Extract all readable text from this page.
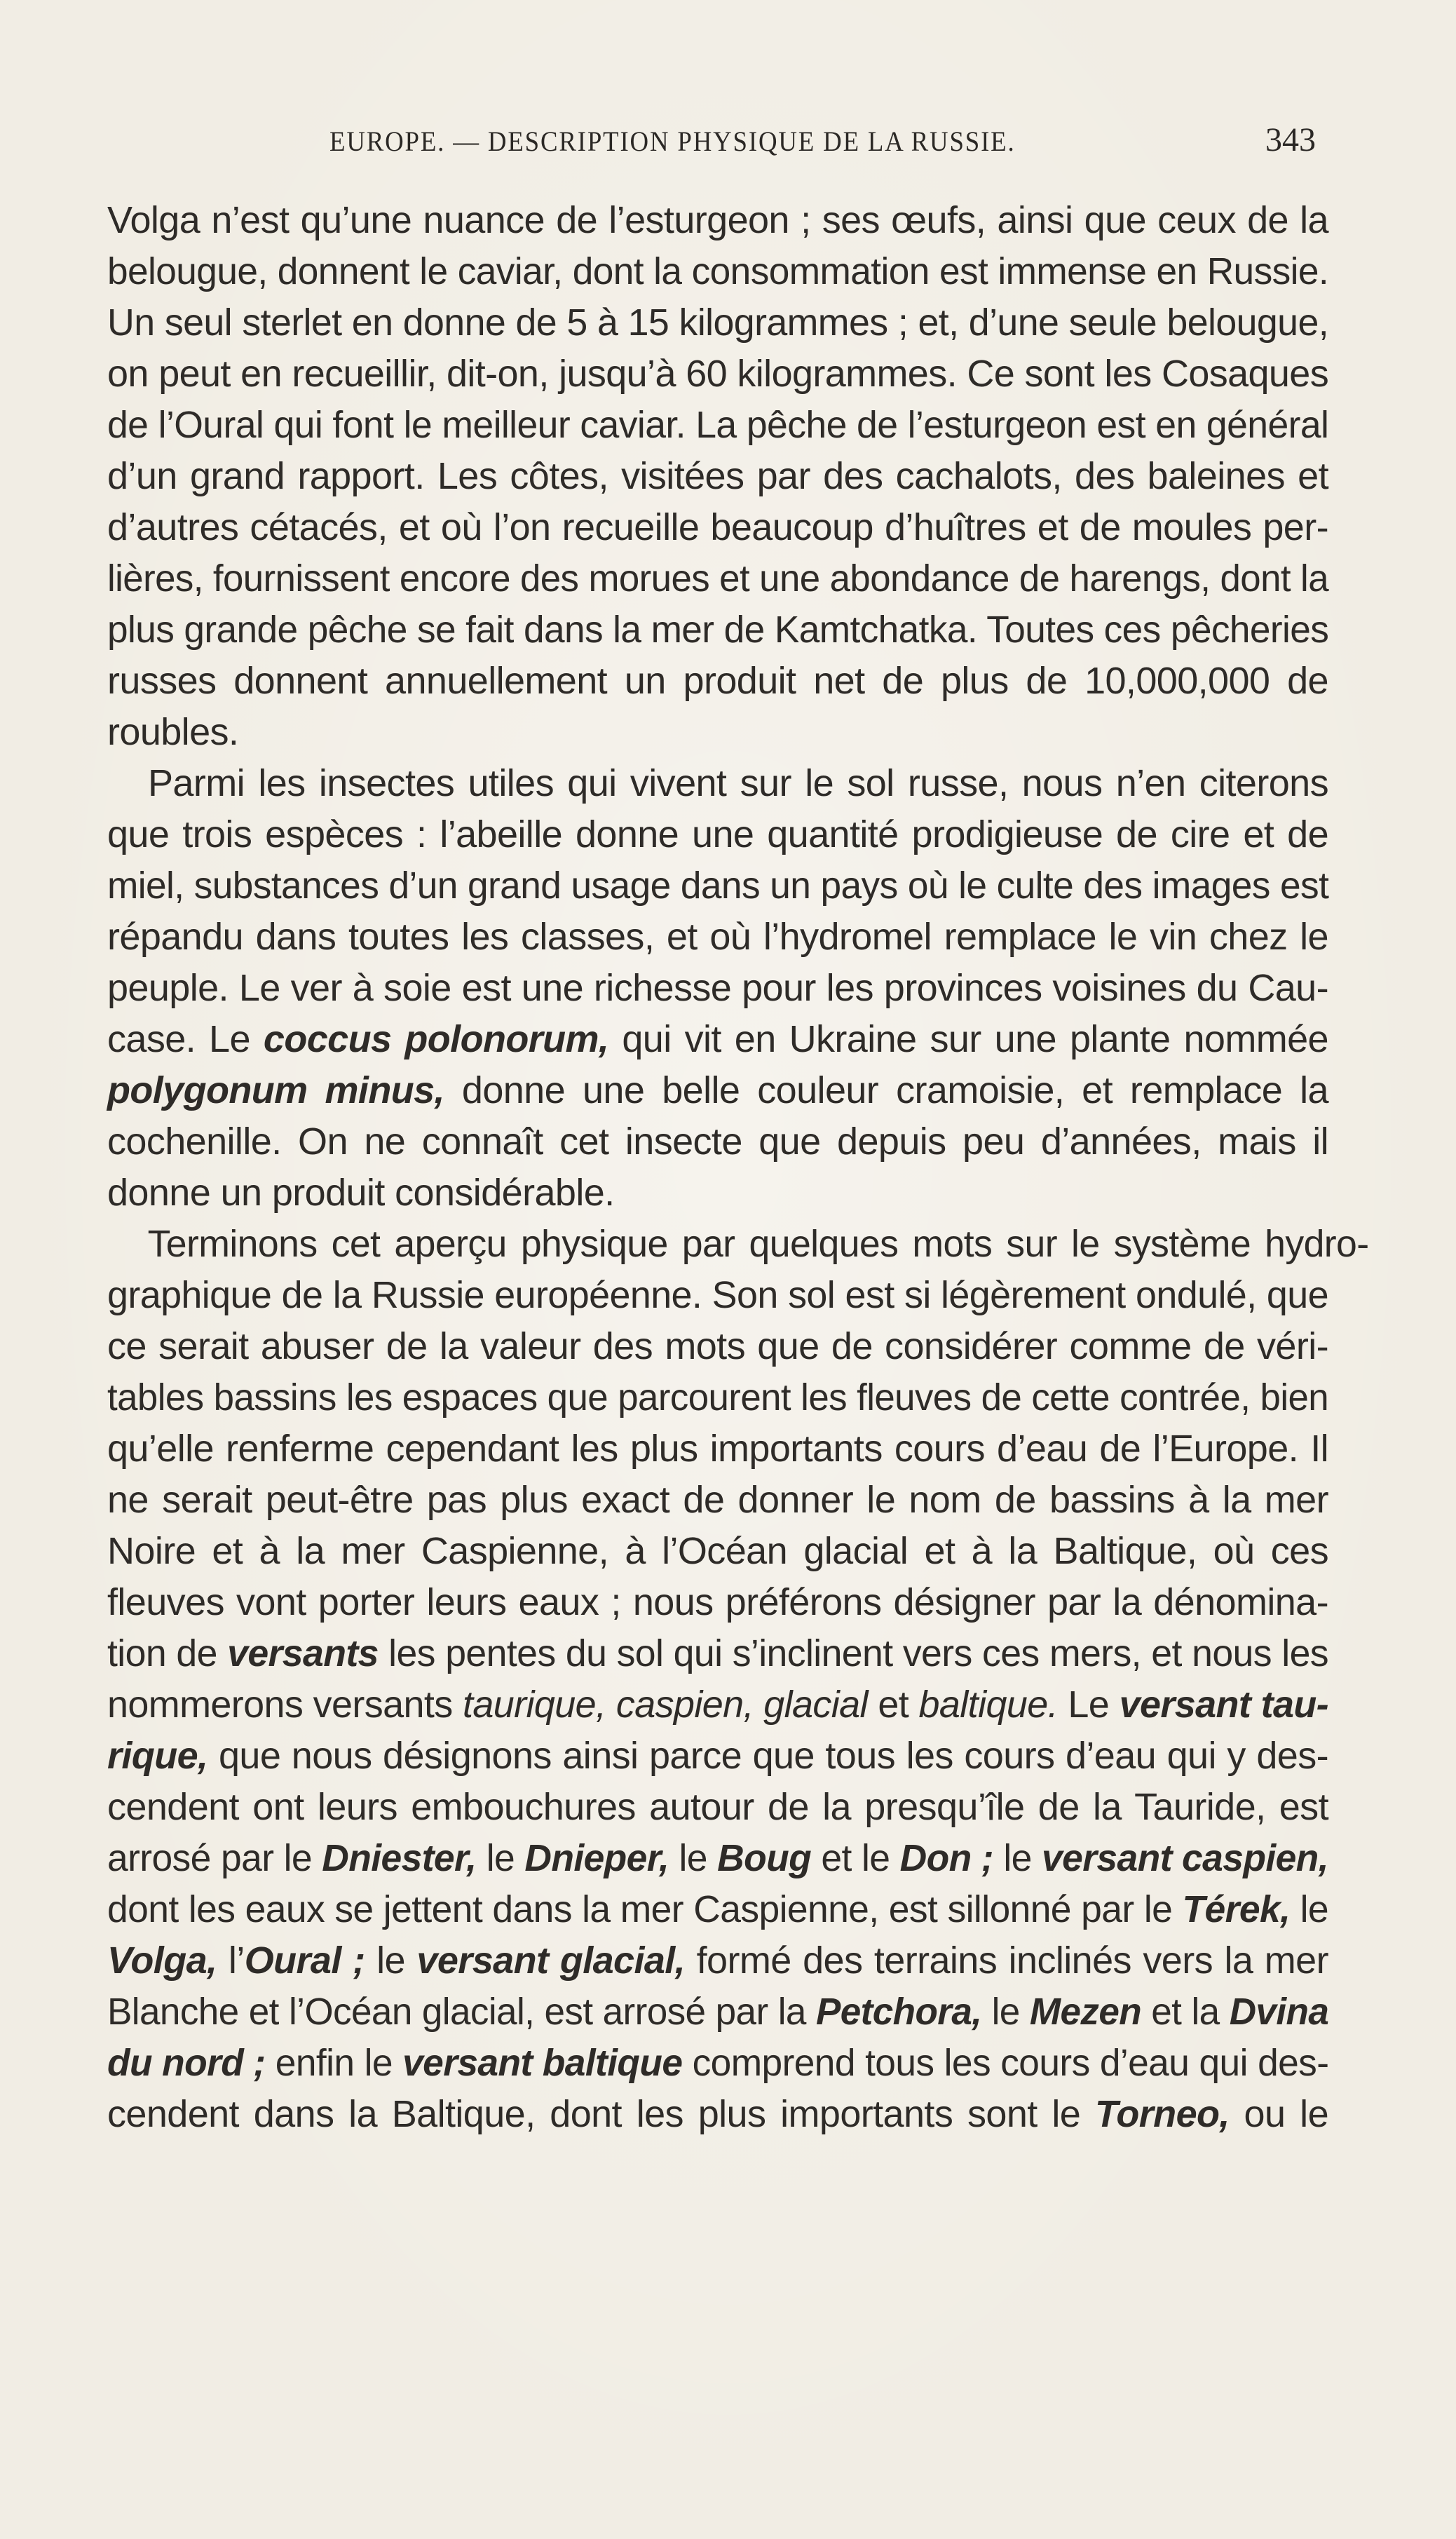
EUROPE. — DESCRIPTION PHYSIQUE DE LA RUSSIE.	343
Volga n’est qu’une nuance de l’esturgeon ; ses œufs, ainsi que ceux de la
belougue, donnent le caviar, dont la consommation est immense en Russie.
Un seul sterlet en donne de 5 à 15 kilogrammes ; et, d’une seule belougue,
on peut en recueillir, dit-on, jusqu’à 60 kilogrammes. Ce sont les Cosaques
de l’Oural qui font le meilleur caviar. La pêche de l’esturgeon est en général
d’un grand rapport. Les côtes, visitées par des cachalots, des baleines et
d’autres cétacés, et où l’on recueille beaucoup d’huîtres et de moules per-
lières, fournissent encore des morues et une abondance de harengs, dont la
plus grande pêche se fait dans la mer de Kamtchatka. Toutes ces pêcheries
russes donnent annuellement un produit net de plus de 10,000,000 de
roubles.
Parmi les insectes utiles qui vivent sur le sol russe, nous n’en citerons
que trois espèces : l’abeille donne une quantité prodigieuse de cire et de
miel, substances d’un grand usage dans un pays où le culte des images est
répandu dans toutes les classes, et où l’hydromel remplace le vin chez le
peuple. Le ver à soie est une richesse pour les provinces voisines du Cau-
case. Le coccus polonorum, qui vit en Ukraine sur une plante nommée
polygonum minus, donne une belle couleur cramoisie, et remplace la
cochenille. On ne connaît cet insecte que depuis peu d’années, mais il
donne un produit considérable.
Terminons cet aperçu physique par quelques mots sur le système hydro-
graphique de la Russie européenne. Son sol est si légèrement ondulé, que
ce serait abuser de la valeur des mots que de considérer comme de véri-
tables bassins les espaces que parcourent les fleuves de cette contrée, bien
qu’elle renferme cependant les plus importants cours d’eau de l’Europe. Il
ne serait peut-être pas plus exact de donner le nom de bassins à la mer
Noire et à la mer Caspienne, à l’Océan glacial et à la Baltique, où ces
fleuves vont porter leurs eaux ; nous préférons désigner par la dénomina-
tion de versants les pentes du sol qui s’inclinent vers ces mers, et nous les
nommerons versants taurique, caspien, glacial et baltique. Le versant tau-
rique, que nous désignons ainsi parce que tous les cours d’eau qui y des-
cendent ont leurs embouchures autour de la presqu’île de la Tauride, est
arrosé par le Dniester, le Dnieper, le Boug et le Don ; le versant caspien,
dont les eaux se jettent dans la mer Caspienne, est sillonné par le Térek, le
Volga, l’Oural ; le versant glacial, formé des terrains inclinés vers la mer
Blanche et l’Océan glacial, est arrosé par la Petchora, le Mezen et la Dvina
du nord ; enfin le versant baltique comprend tous les cours d’eau qui des-
cendent dans la Baltique, dont les plus importants sont le Torneo, ou le
